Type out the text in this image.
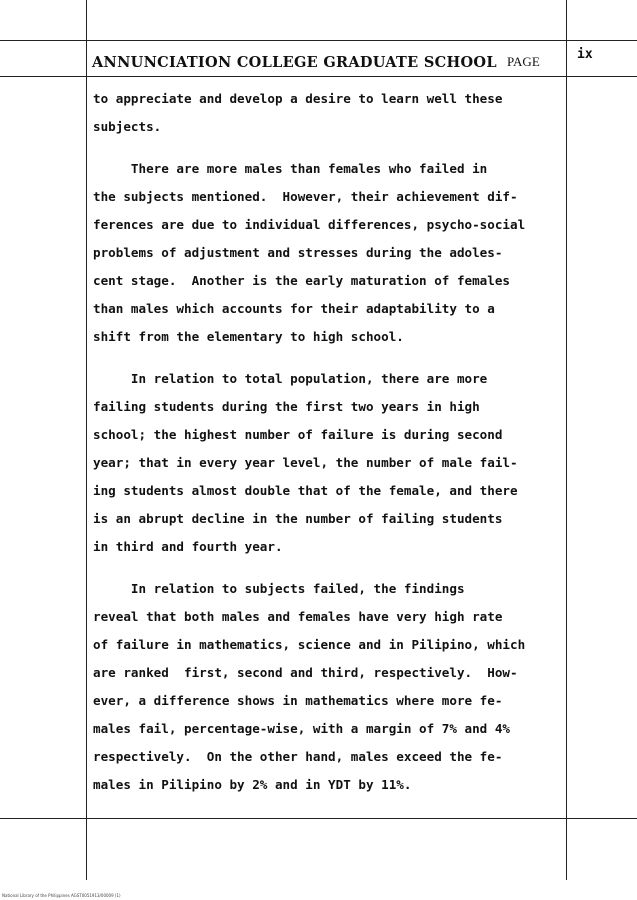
ANNUNCIATION COLLEGE GRADUATE SCHOOL PAGE	ix
to appreciate and develop a desire to learn well these
subjects.
There are more males than females who failed in
the subjects mentioned.  However, their achievement dif-
ferences are due to individual differences, psycho-social
problems of adjustment and stresses during the adoles-
cent stage.  Another is the early maturation of females
than males which accounts for their adaptability to a
shift from the elementary to high school.
In relation to total population, there are more
failing students during the first two years in high
school; the highest number of failure is during second
year; that in every year level, the number of male fail-
ing students almost double that of the female, and there
is an abrupt decline in the number of failing students
in third and fourth year.
In relation to subjects failed, the findings
reveal that both males and females have very high rate
of failure in mathematics, science and in Pilipino, which
are ranked  first, second and third, respectively.  How-
ever, a difference shows in mathematics where more fe-
males fail, percentage-wise, with a margin of 7% and 4%
respectively.  On the other hand, males exceed the fe-
males in Pilipino by 2% and in YDT by 11%.
National Library of the Philippines AGST0051913/00009 (1)
